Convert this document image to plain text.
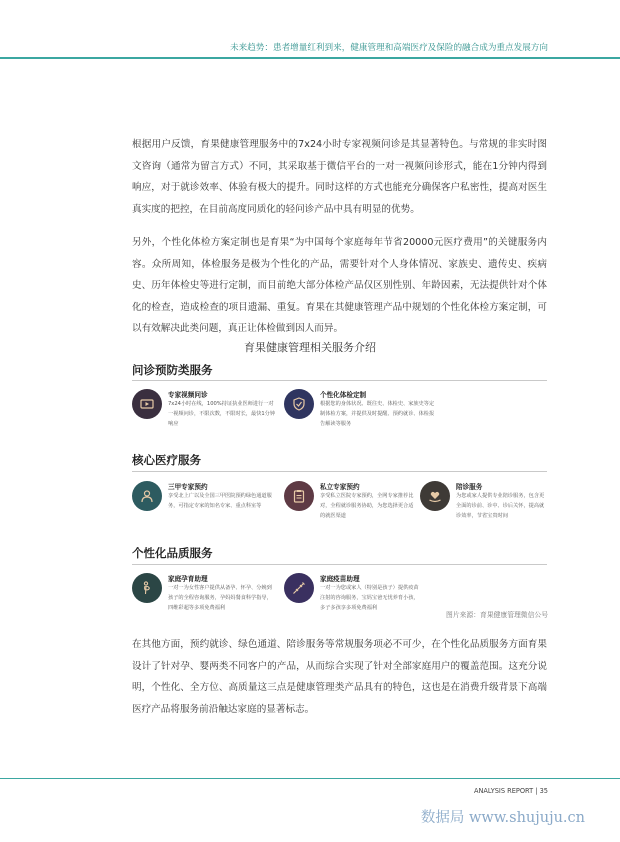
未来趋势：患者增量红利到来，健康管理和高端医疗及保险的融合成为重点发展方向

根据用户反馈，育果健康管理服务中的7x24小时专家视频问诊是其显著特色。与常规的非实时图文咨询（通常为留言方式）不同，其采取基于微信平台的一对一视频问诊形式，能在1分钟内得到响应，对于就诊效率、体验有极大的提升。同时这样的方式也能充分确保客户私密性，提高对医生真实度的把控，在目前高度同质化的轻问诊产品中具有明显的优势。

另外，个性化体检方案定制也是育果“为中国每个家庭每年节省20000元医疗费用”的关键服务内容。众所周知，体检服务是极为个性化的产品，需要针对个人身体情况、家族史、遗传史、疾病史、历年体检史等进行定制，而目前绝大部分体检产品仅区别性别、年龄因素，无法提供针对个体化的检查，造成检查的项目遗漏、重复。育果在其健康管理产品中规划的个性化体检方案定制，可以有效解决此类问题，真正让体检做到因人而异。

育果健康管理相关服务介绍
问诊预防类服务
专家视频问诊
7x24小时在线，100%持证执业医师进行一对一视频问诊，不限次数，不限时长，最快1分钟响应
个性化体检定制
根据您的身体状况、既往史、体检史、家族史等定制体检方案，并提供及时提醒、预约就诊、体检报告解读等服务
核心医疗服务
三甲专家预约
享受北上广以及全国三甲医院预约绿色通道服务，可指定专家的知名专家、重点科室等
私立专家预约
享受私立医院专家预约，全网专家推荐比对，全程就诊服务协助，为您选择更合适的就医渠道
陪诊服务
为您或家人提供专业陪诊服务，包含更全面的诊前、诊中、诊后关怀，提高就诊效率，节省宝贵时间
个性化品质服务
家庭孕育助理
一对一为女性客户提供从备孕、怀孕、分娩到孩子的全程咨询服务，孕妈妈餐食科学指导，四维彩超等多项免费福利
家庭疫苗助理
一对一为您或家人（特别是孩子）提供疫苗注射的咨询服务，宝妈宝爸无忧养育小孩，多子多孩享多项免费福利
图片来源：育果健康管理微信公号

在其他方面，预约就诊、绿色通道、陪诊服务等常规服务项必不可少，在个性化品质服务方面育果设计了针对孕、婴两类不同客户的产品，从而综合实现了针对全部家庭用户的覆盖范围。这充分说明，个性化、全方位、高质量这三点是健康管理类产品具有的特色，这也是在消费升级背景下高端医疗产品将服务前沿触达家庭的显著标志。

ANALYSIS REPORT | 35
数据局 www.shujuju.cn
